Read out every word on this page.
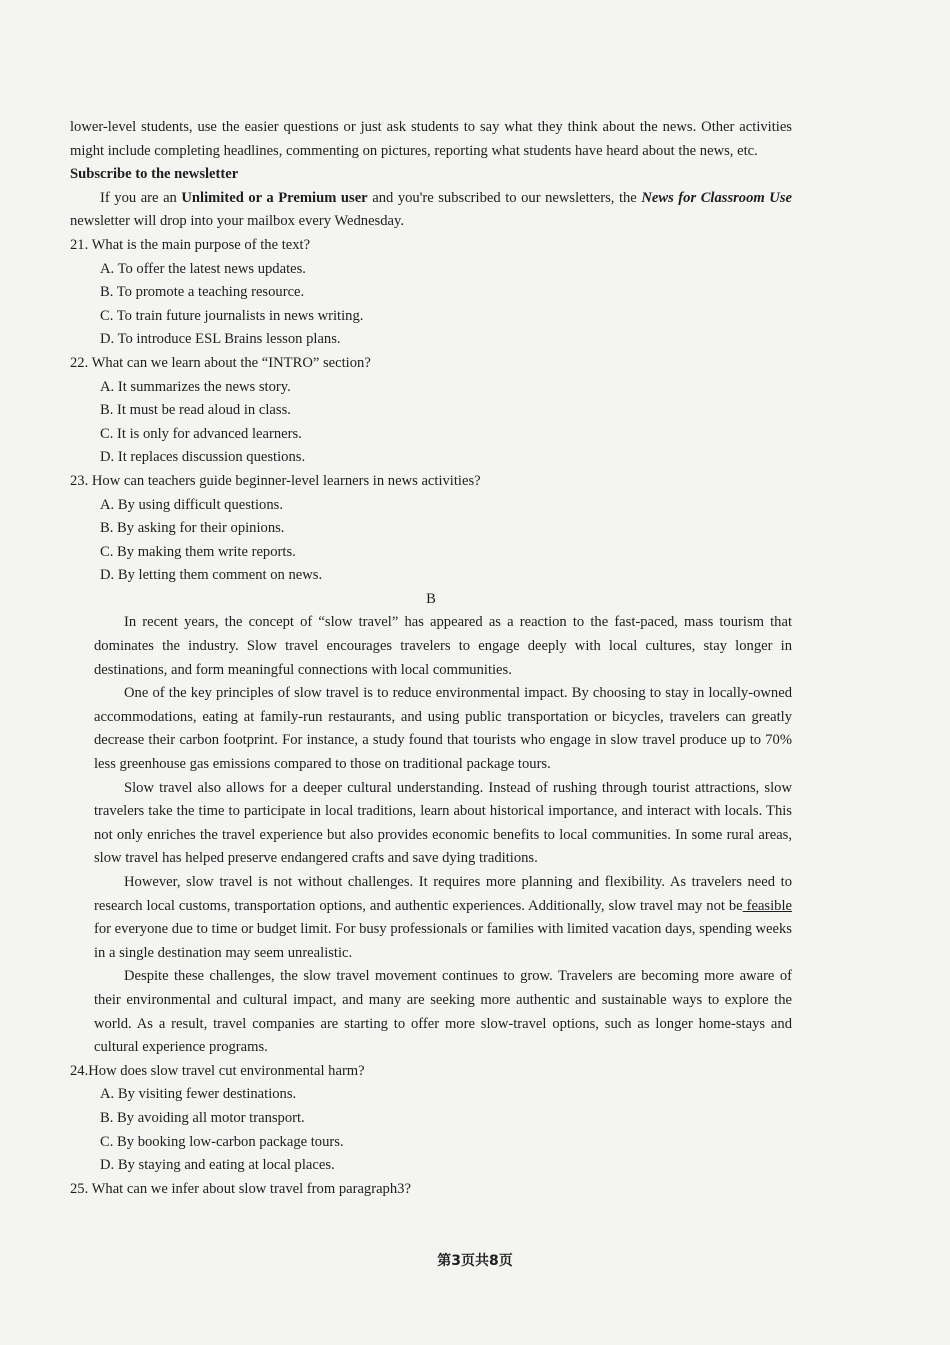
lower-level students, use the easier questions or just ask students to say what they think about the news. Other activities might include completing headlines, commenting on pictures, reporting what students have heard about the news, etc.

Subscribe to the newsletter

If you are an Unlimited or a Premium user and you're subscribed to our newsletters, the News for Classroom Use newsletter will drop into your mailbox every Wednesday.

21. What is the main purpose of the text?

A. To offer the latest news updates.

B. To promote a teaching resource.

C. To train future journalists in news writing.

D. To introduce ESL Brains lesson plans.

22. What can we learn about the “INTRO” section?

A. It summarizes the news story.

B. It must be read aloud in class.

C. It is only for advanced learners.

D. It replaces discussion questions.

23. How can teachers guide beginner-level learners in news activities?

A. By using difficult questions.

B. By asking for their opinions.

C. By making them write reports.

D. By letting them comment on news.

B

In recent years, the concept of “slow travel” has appeared as a reaction to the fast-paced, mass tourism that dominates the industry. Slow travel encourages travelers to engage deeply with local cultures, stay longer in destinations, and form meaningful connections with local communities.

One of the key principles of slow travel is to reduce environmental impact. By choosing to stay in locally-owned accommodations, eating at family-run restaurants, and using public transportation or bicycles, travelers can greatly decrease their carbon footprint. For instance, a study found that tourists who engage in slow travel produce up to 70% less greenhouse gas emissions compared to those on traditional package tours.

Slow travel also allows for a deeper cultural understanding. Instead of rushing through tourist attractions, slow travelers take the time to participate in local traditions, learn about historical importance, and interact with locals. This not only enriches the travel experience but also provides economic benefits to local communities. In some rural areas, slow travel has helped preserve endangered crafts and save dying traditions.

However, slow travel is not without challenges. It requires more planning and flexibility. As travelers need to research local customs, transportation options, and authentic experiences. Additionally, slow travel may not be feasible for everyone due to time or budget limit. For busy professionals or families with limited vacation days, spending weeks in a single destination may seem unrealistic.

Despite these challenges, the slow travel movement continues to grow. Travelers are becoming more aware of their environmental and cultural impact, and many are seeking more authentic and sustainable ways to explore the world. As a result, travel companies are starting to offer more slow-travel options, such as longer home-stays and cultural experience programs.

24.How does slow travel cut environmental harm?

A. By visiting fewer destinations.

B. By avoiding all motor transport.

C. By booking low-carbon package tours.

D. By staying and eating at local places.

25. What can we infer about slow travel from paragraph3?

第3页共8页
